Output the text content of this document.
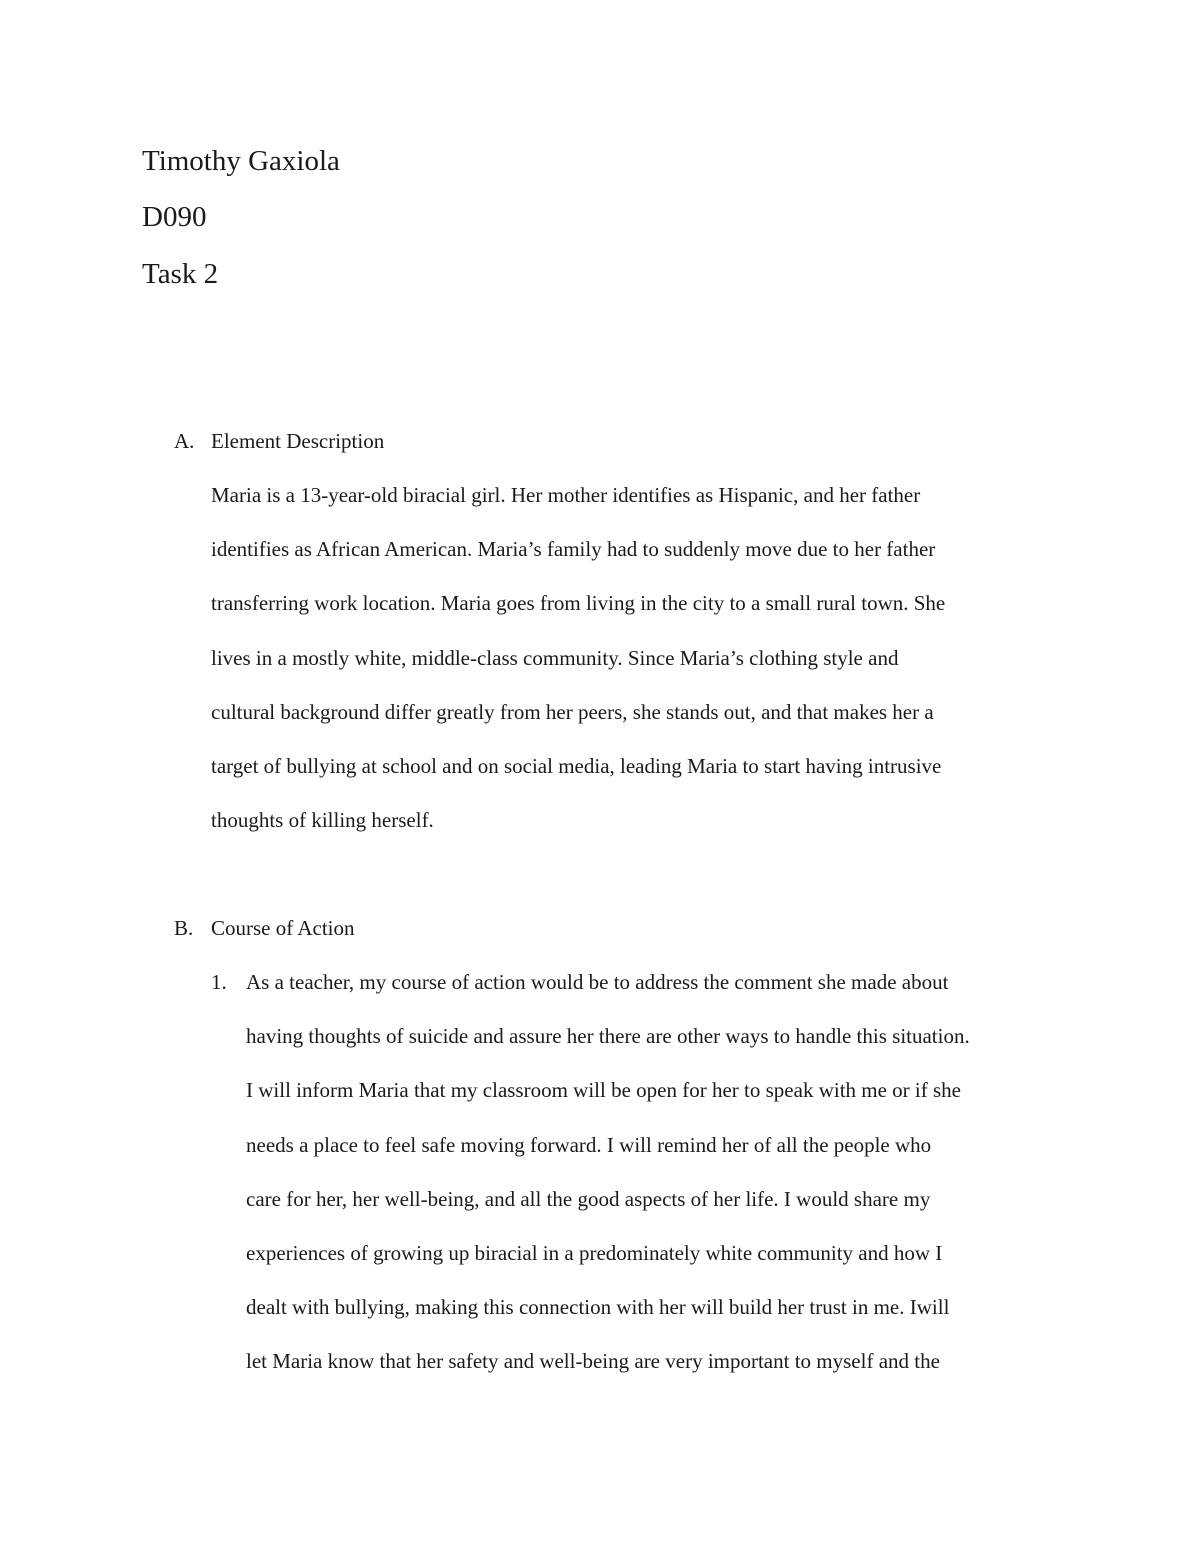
Timothy Gaxiola
D090
Task 2
A. Element Description
Maria is a 13-year-old biracial girl. Her mother identifies as Hispanic, and her father
identifies as African American. Maria’s family had to suddenly move due to her father
transferring work location. Maria goes from living in the city to a small rural town. She
lives in a mostly white, middle-class community. Since Maria’s clothing style and
cultural background differ greatly from her peers, she stands out, and that makes her a
target of bullying at school and on social media, leading Maria to start having intrusive
thoughts of killing herself.
B. Course of Action
1. As a teacher, my course of action would be to address the comment she made about
having thoughts of suicide and assure her there are other ways to handle this situation.
I will inform Maria that my classroom will be open for her to speak with me or if she
needs a place to feel safe moving forward. I will remind her of all the people who
care for her, her well-being, and all the good aspects of her life. I would share my
experiences of growing up biracial in a predominately white community and how I
dealt with bullying, making this connection with her will build her trust in me. Iwill
let Maria know that her safety and well-being are very important to myself and the
